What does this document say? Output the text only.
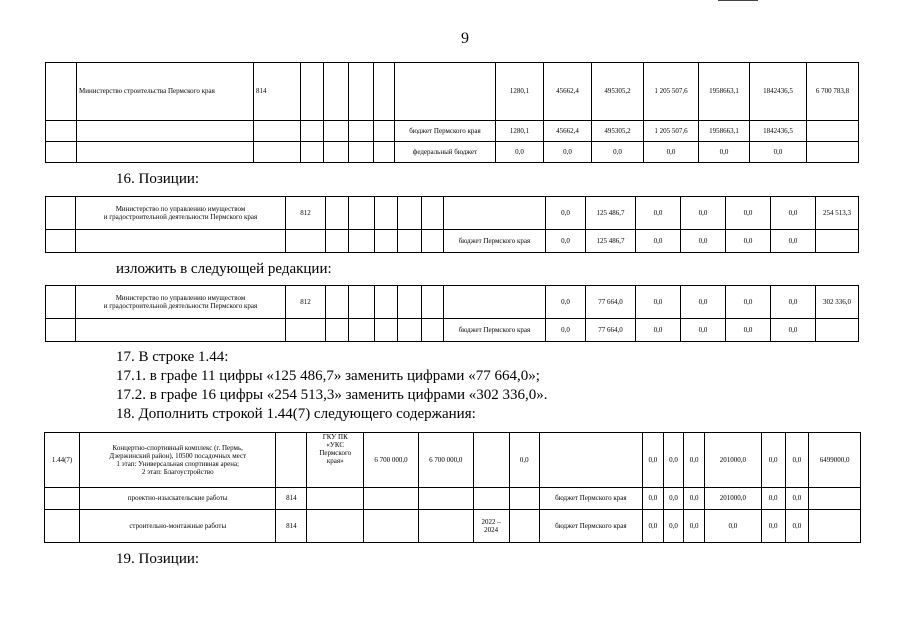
9
	Министерство строительства Пермского края	814						1280,1	45662,4	495305,2	1 205 507,6	1958663,1	1842436,5	6 700 783,8
							бюджет Пермского края	1280,1	45662,4	495305,2	1 205 507,6	1958663,1	1842436,5	
							федеральный бюджет	0,0	0,0	0,0	0,0	0,0	0,0	
16. Позиции:
	Министерство по управлению имуществом
и градостроительной деятельности Пермского края	812							0,0	125 486,7	0,0	0,0	0,0	0,0	254 513,3
								бюджет Пермского края	0,0	125 486,7	0,0	0,0	0,0	0,0	
изложить в следующей редакции:
	Министерство по управлению имуществом
и градостроительной деятельности Пермского края	812							0,0	77 664,0	0,0	0,0	0,0	0,0	302 336,0
								бюджет Пермского края	0,0	77 664,0	0,0	0,0	0,0	0,0	
17. В строке 1.44:
17.1. в графе 11 цифры «125 486,7» заменить цифрами «77 664,0»;
17.2. в графе 16 цифры «254 513,3» заменить цифрами «302 336,0».
18. Дополнить строкой 1.44(7) следующего содержания:
1.44(7)	Концертно-спортивный комплекс (г. Пермь,
Дзержинский район), 10500 посадочных мест
1 этап: Универсальная спортивная арена;
2 этап: Благоустройство		ГКУ ПК
«УКС
Пермского
края»	6 700 000,0	6 700 000,0		0,0		0,0	0,0	0,0	201000,0	0,0	0,0	6499000,0
	проектно-изыскательские работы	814						бюджет Пермского края	0,0	0,0	0,0	201000,0	0,0	0,0	
	строительно-монтажные работы	814				2022 –
2024		бюджет Пермского края	0,0	0,0	0,0	0,0	0,0	0,0	
19. Позиции:
